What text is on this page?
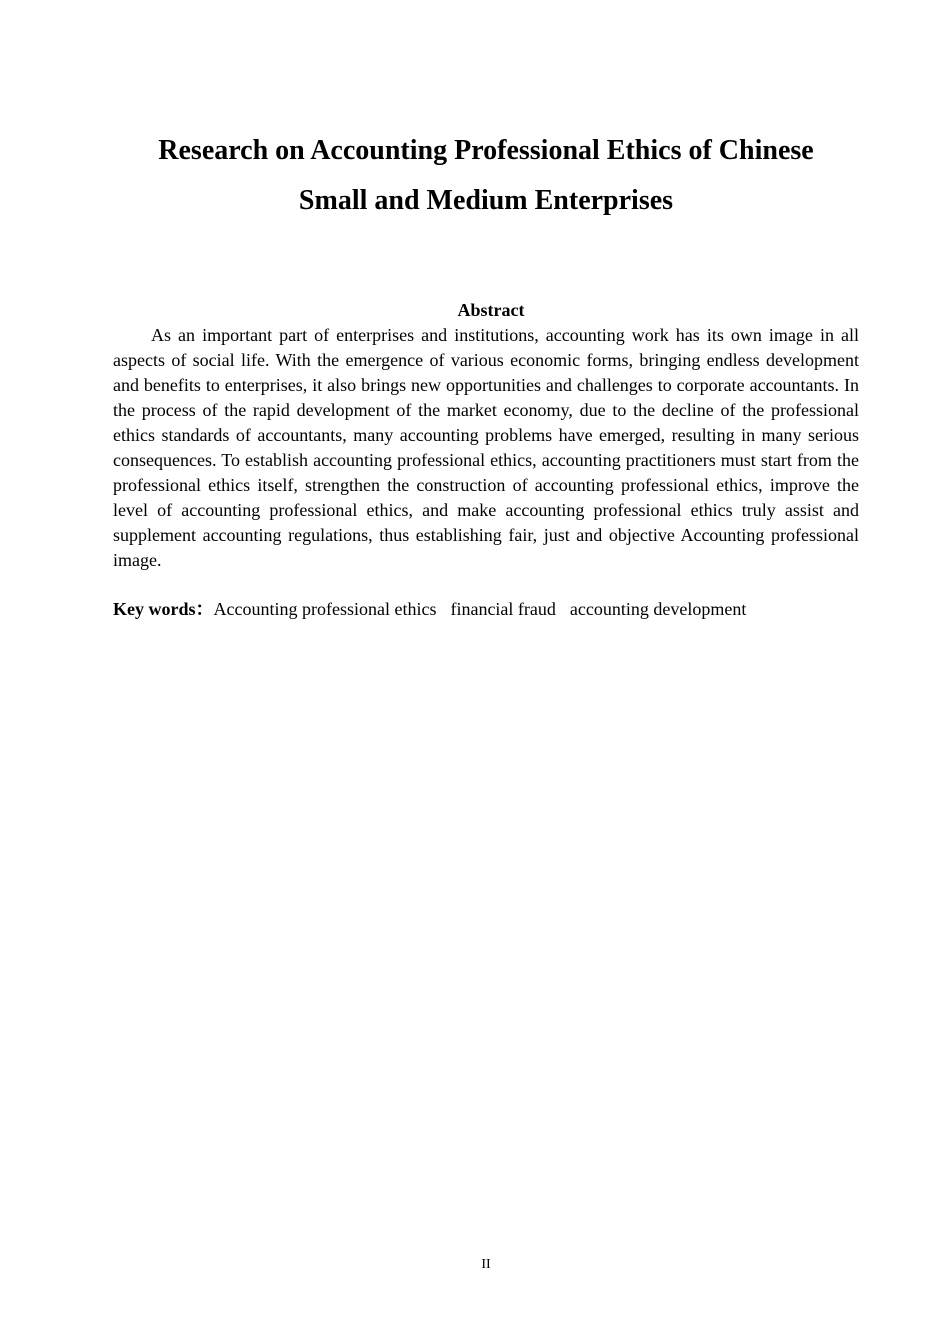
Research on Accounting Professional Ethics of Chinese
Small and Medium Enterprises
Abstract

As an important part of enterprises and institutions, accounting work has its own image in all aspects of social life. With the emergence of various economic forms, bringing endless development and benefits to enterprises, it also brings new opportunities and challenges to corporate accountants. In the process of the rapid development of the market economy, due to the decline of the professional ethics standards of accountants, many accounting problems have emerged, resulting in many serious consequences. To establish accounting professional ethics, accounting practitioners must start from the professional ethics itself, strengthen the construction of accounting professional ethics, improve the level of accounting professional ethics, and make accounting professional ethics truly assist and supplement accounting regulations, thus establishing fair, just and objective Accounting professional image.

Key words：Accounting professional ethics financial fraud accounting development
II
